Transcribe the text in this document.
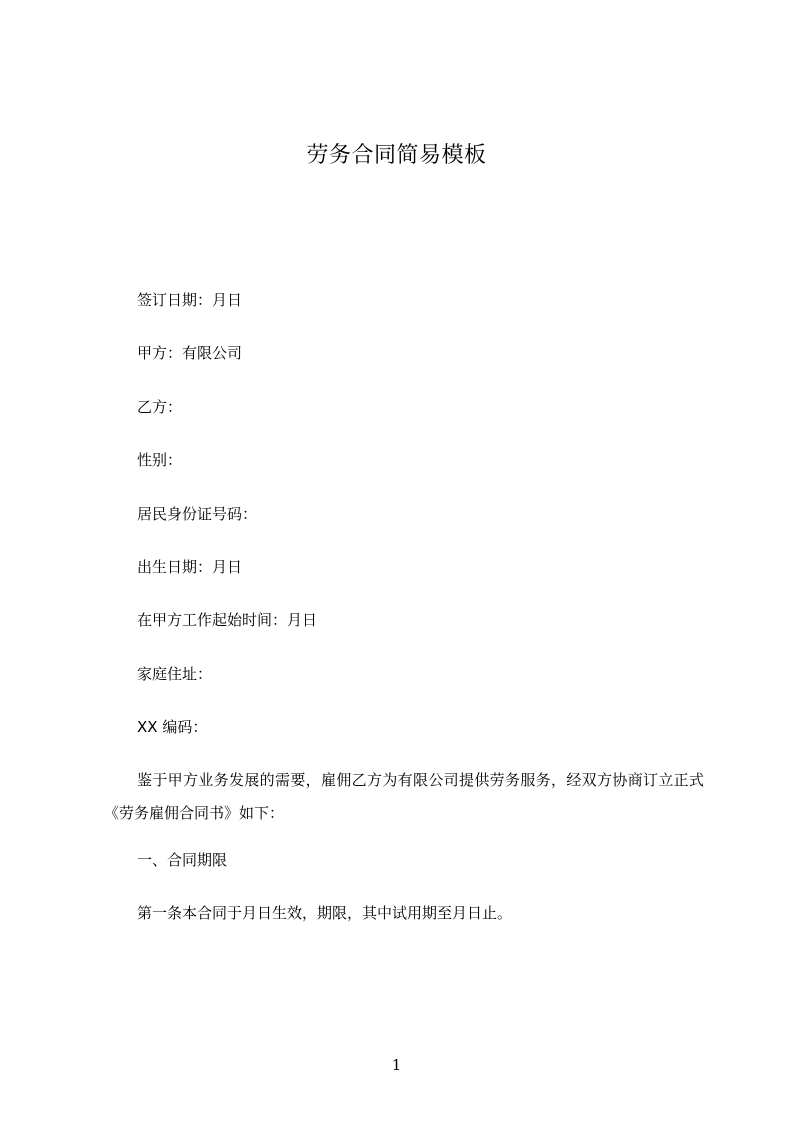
劳务合同简易模板
签订日期：月日
甲方：有限公司
乙方：
性别：
居民身份证号码：
出生日期：月日
在甲方工作起始时间：月日
家庭住址：
XX 编码：
鉴于甲方业务发展的需要，雇佣乙方为有限公司提供劳务服务，经双方协商订立正式《劳务雇佣合同书》如下：
一、合同期限
第一条本合同于月日生效，期限，其中试用期至月日止。
1
